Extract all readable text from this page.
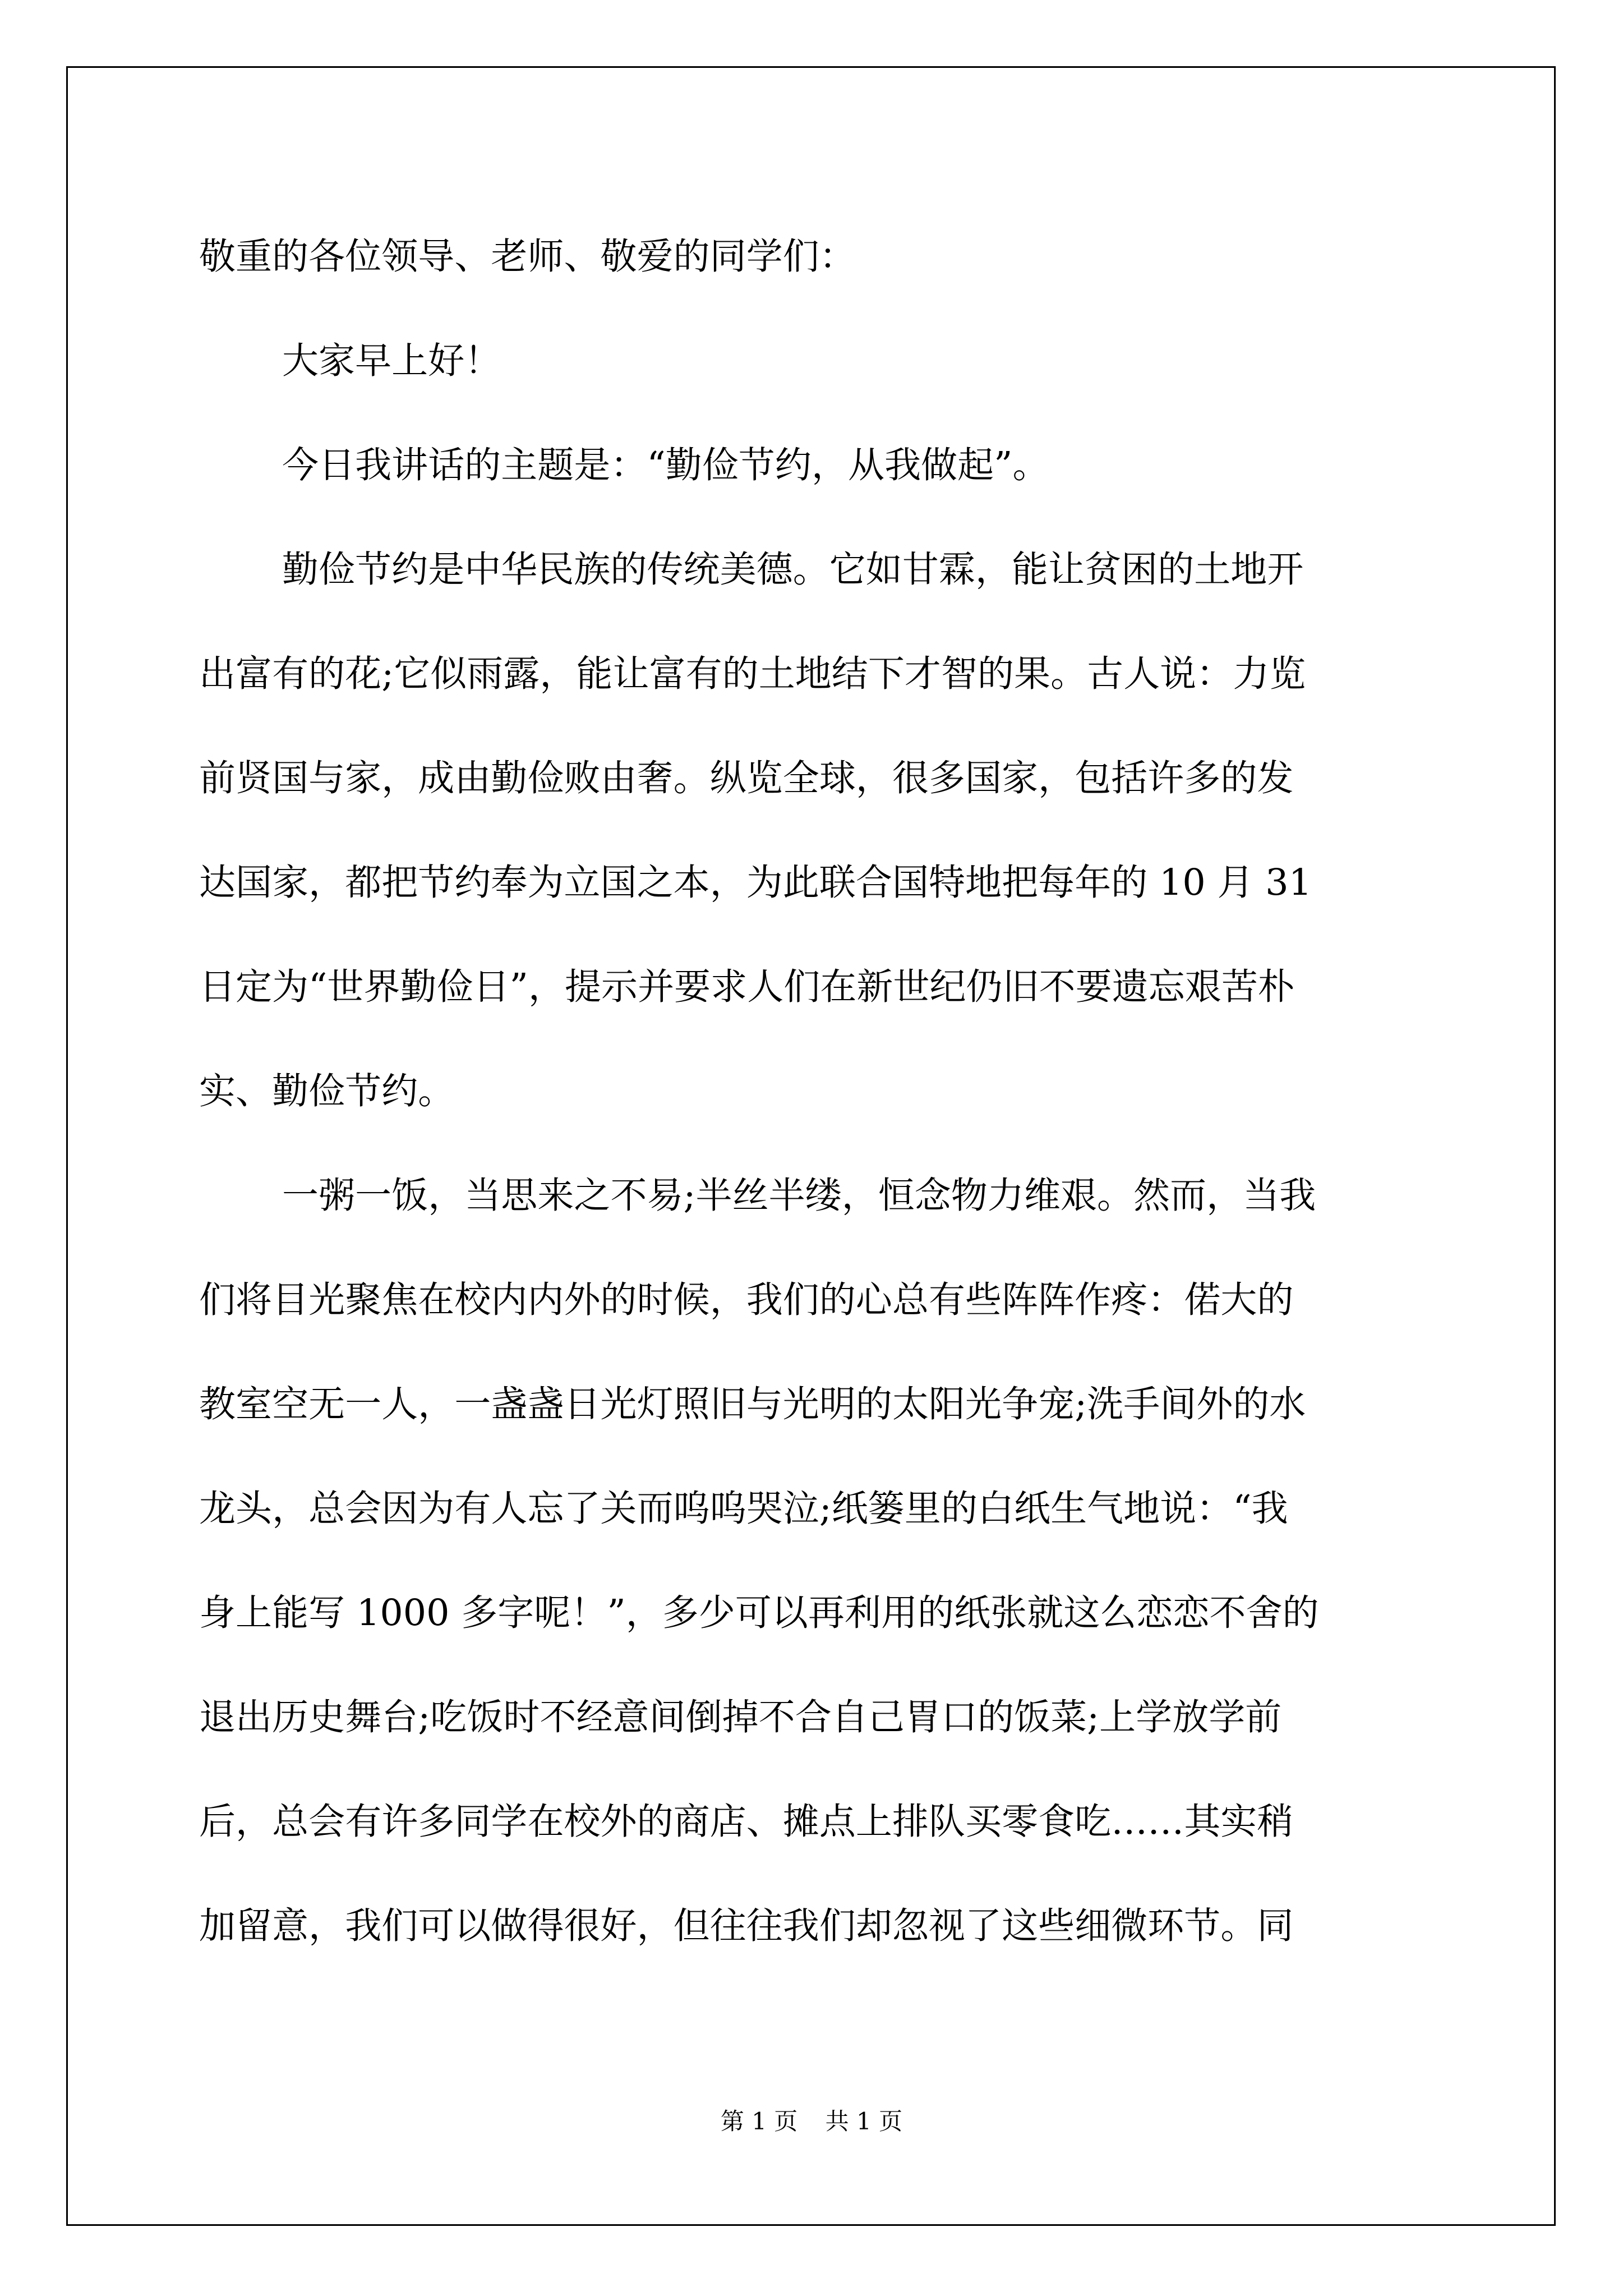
敬重的各位领导、老师、敬爱的同学们：
大家早上好！
今日我讲话的主题是：“勤俭节约，从我做起”。
勤俭节约是中华民族的传统美德。它如甘霖，能让贫困的土地开
出富有的花;它似雨露，能让富有的土地结下才智的果。古人说：力览
前贤国与家，成由勤俭败由奢。纵览全球，很多国家，包括许多的发
达国家，都把节约奉为立国之本，为此联合国特地把每年的 10 月 31
日定为“世界勤俭日”，提示并要求人们在新世纪仍旧不要遗忘艰苦朴
实、勤俭节约。
一粥一饭，当思来之不易;半丝半缕，恒念物力维艰。然而，当我
们将目光聚焦在校内内外的时候，我们的心总有些阵阵作疼：偌大的
教室空无一人，一盏盏日光灯照旧与光明的太阳光争宠;洗手间外的水
龙头，总会因为有人忘了关而呜呜哭泣;纸篓里的白纸生气地说：“我
身上能写 1000 多字呢！”，多少可以再利用的纸张就这么恋恋不舍的
退出历史舞台;吃饭时不经意间倒掉不合自己胃口的饭菜;上学放学前
后，总会有许多同学在校外的商店、摊点上排队买零食吃……其实稍
加留意，我们可以做得很好，但往往我们却忽视了这些细微环节。同
第 1 页 共 1 页
